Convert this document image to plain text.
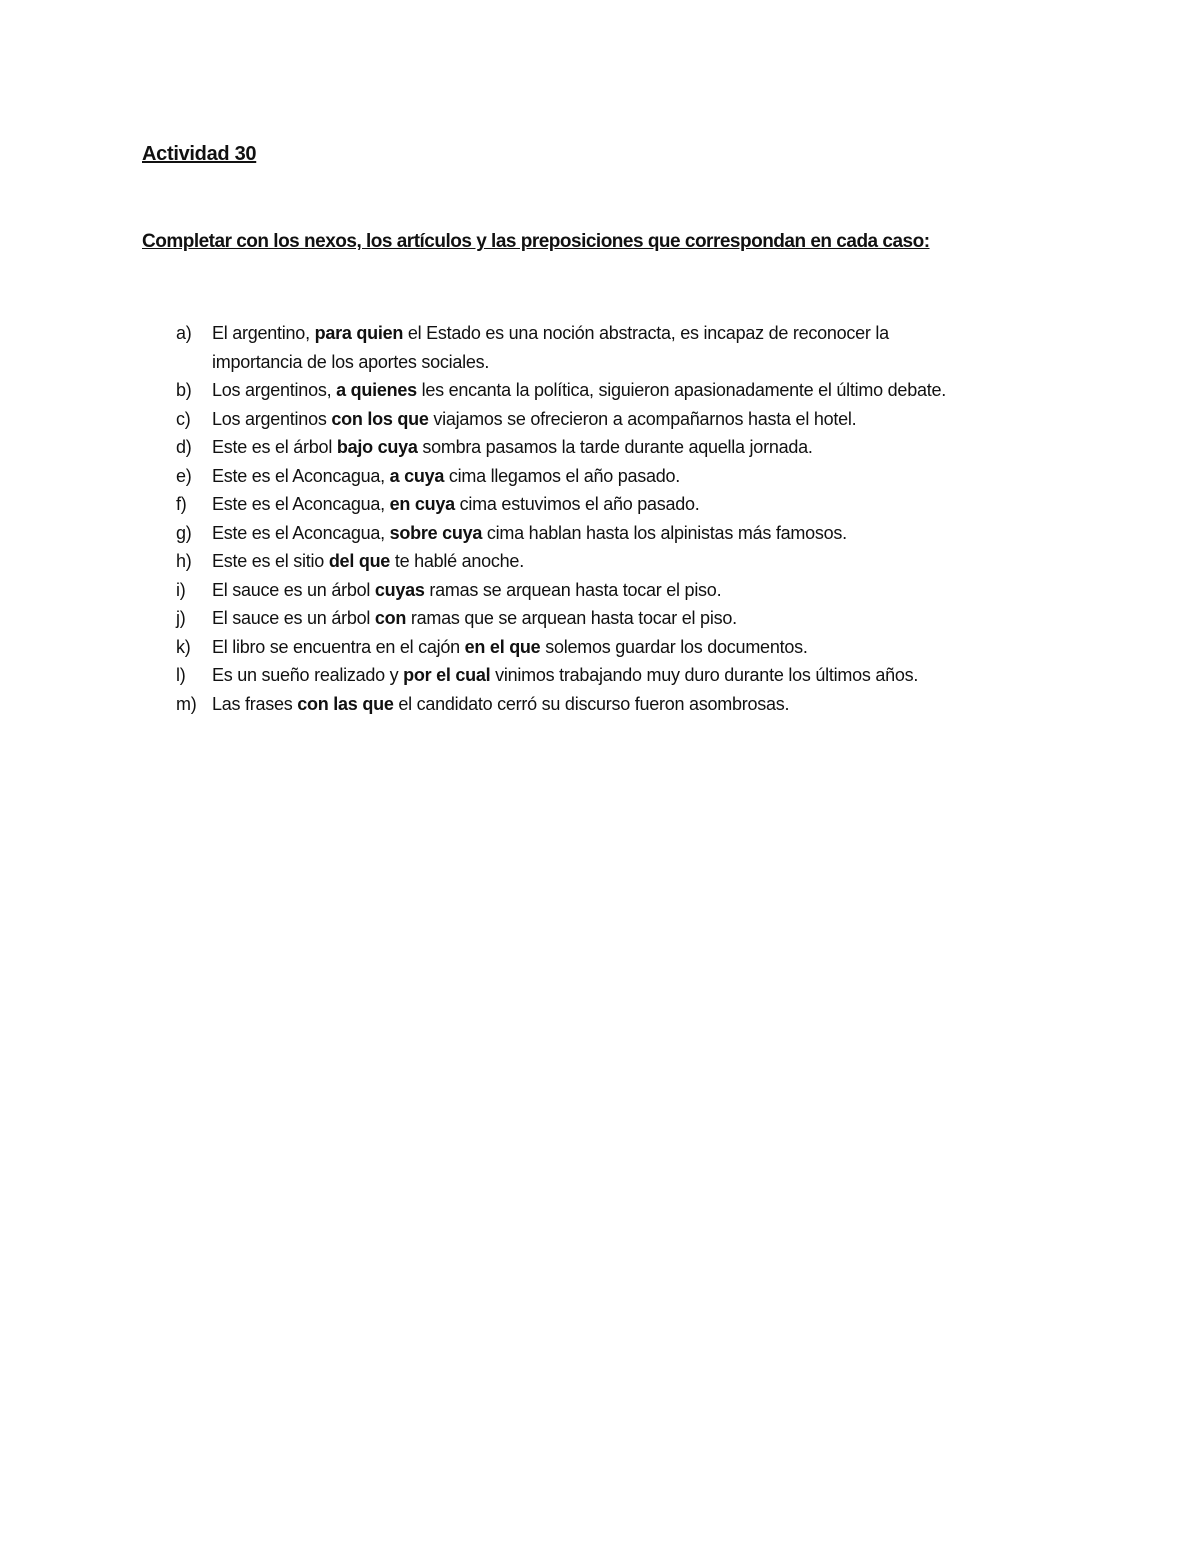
Actividad 30
Completar con los nexos, los artículos y las preposiciones que correspondan en cada caso:
a) El argentino, para quien el Estado es una noción abstracta, es incapaz de reconocer la
importancia de los aportes sociales.
b) Los argentinos, a quienes les encanta la política, siguieron apasionadamente el último debate.
c) Los argentinos con los que viajamos se ofrecieron a acompañarnos hasta el hotel.
d) Este es el árbol bajo cuya sombra pasamos la tarde durante aquella jornada.
e) Este es el Aconcagua, a cuya cima llegamos el año pasado.
f) Este es el Aconcagua, en cuya cima estuvimos el año pasado.
g) Este es el Aconcagua, sobre cuya cima hablan hasta los alpinistas más famosos.
h) Este es el sitio del que te hablé anoche.
i) El sauce es un árbol cuyas ramas se arquean hasta tocar el piso.
j) El sauce es un árbol con ramas que se arquean hasta tocar el piso.
k) El libro se encuentra en el cajón en el que solemos guardar los documentos.
l) Es un sueño realizado y por el cual vinimos trabajando muy duro durante los últimos años.
m) Las frases con las que el candidato cerró su discurso fueron asombrosas.
